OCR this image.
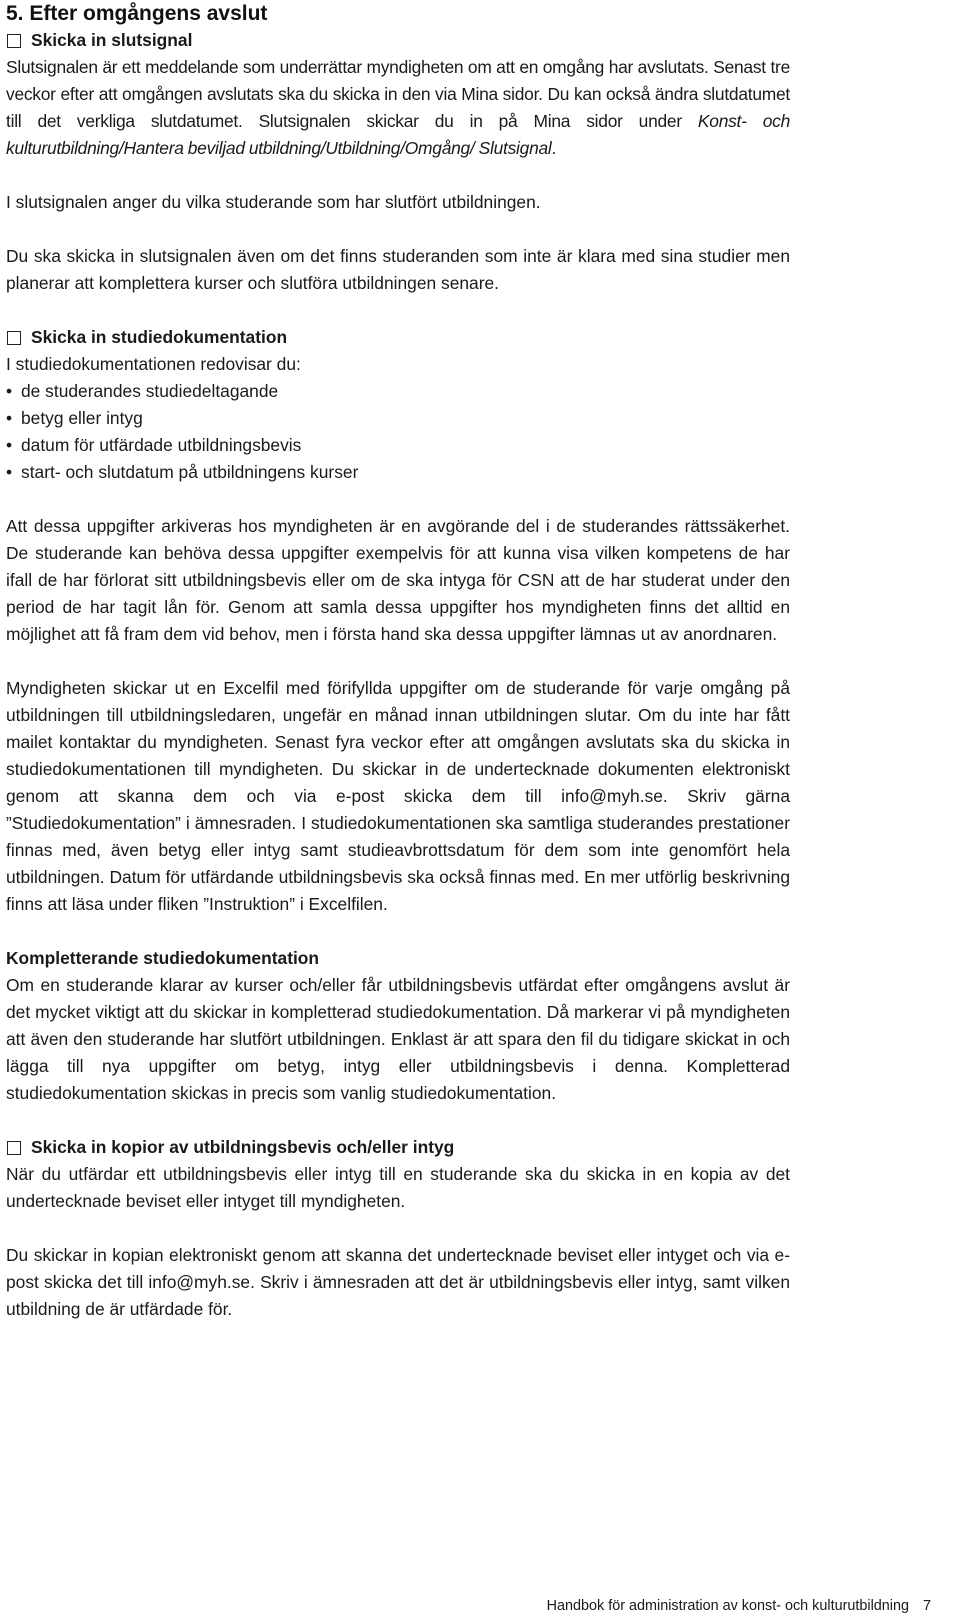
5. Efter omgångens avslut
Skicka in slutsignal

Slutsignalen är ett meddelande som underrättar myndigheten om att en omgång har avslutats. Senast tre veckor efter att omgången avslutats ska du skicka in den via Mina sidor. Du kan också ändra slutdatumet till det verkliga slutdatumet. Slutsignalen skickar du in på Mina sidor under Konst- och kulturutbildning/Hantera beviljad utbildning/Utbildning/Omgång/ Slutsignal.

I slutsignalen anger du vilka studerande som har slutfört utbildningen.

Du ska skicka in slutsignalen även om det finns studeranden som inte är klara med sina studier men planerar att komplettera kurser och slutföra utbildningen senare.

Skicka in studiedokumentation

I studiedokumentationen redovisar du:

• de studerandes studiedeltagande
• betyg eller intyg
• datum för utfärdade utbildningsbevis
• start- och slutdatum på utbildningens kurser

Att dessa uppgifter arkiveras hos myndigheten är en avgörande del i de studerandes rättssäkerhet. De studerande kan behöva dessa uppgifter exempelvis för att kunna visa vilken kompetens de har ifall de har förlorat sitt utbildningsbevis eller om de ska intyga för CSN att de har studerat under den period de har tagit lån för. Genom att samla dessa uppgifter hos myndigheten finns det alltid en möjlighet att få fram dem vid behov, men i första hand ska dessa uppgifter lämnas ut av anordnaren.

Myndigheten skickar ut en Excelfil med förifyllda uppgifter om de studerande för varje omgång på utbildningen till utbildningsledaren, ungefär en månad innan utbildningen slutar. Om du inte har fått mailet kontaktar du myndigheten. Senast fyra veckor efter att omgången avslutats ska du skicka in studiedokumentationen till myndigheten. Du skickar in de undertecknade dokumenten elektroniskt genom att skanna dem och via e-post skicka dem till info@myh.se. Skriv gärna ”Studiedokumentation” i ämnesraden. I studiedokumentationen ska samtliga studerandes prestationer finnas med, även betyg eller intyg samt studieavbrottsdatum för dem som inte genomfört hela utbildningen. Datum för utfärdande utbildningsbevis ska också finnas med. En mer utförlig beskrivning finns att läsa under fliken ”Instruktion” i Excelfilen.

Kompletterande studiedokumentation

Om en studerande klarar av kurser och/eller får utbildningsbevis utfärdat efter omgångens avslut är det mycket viktigt att du skickar in kompletterad studiedokumentation. Då markerar vi på myndigheten att även den studerande har slutfört utbildningen. Enklast är att spara den fil du tidigare skickat in och lägga till nya uppgifter om betyg, intyg eller utbildningsbevis i denna. Kompletterad studiedokumentation skickas in precis som vanlig studiedokumentation.

Skicka in kopior av utbildningsbevis och/eller intyg

När du utfärdar ett utbildningsbevis eller intyg till en studerande ska du skicka in en kopia av det undertecknade beviset eller intyget till myndigheten.

Du skickar in kopian elektroniskt genom att skanna det undertecknade beviset eller intyget och via e-post skicka det till info@myh.se. Skriv i ämnesraden att det är utbildningsbevis eller intyg, samt vilken utbildning de är utfärdade för.

Handbok för administration av konst- och kulturutbildning 7
